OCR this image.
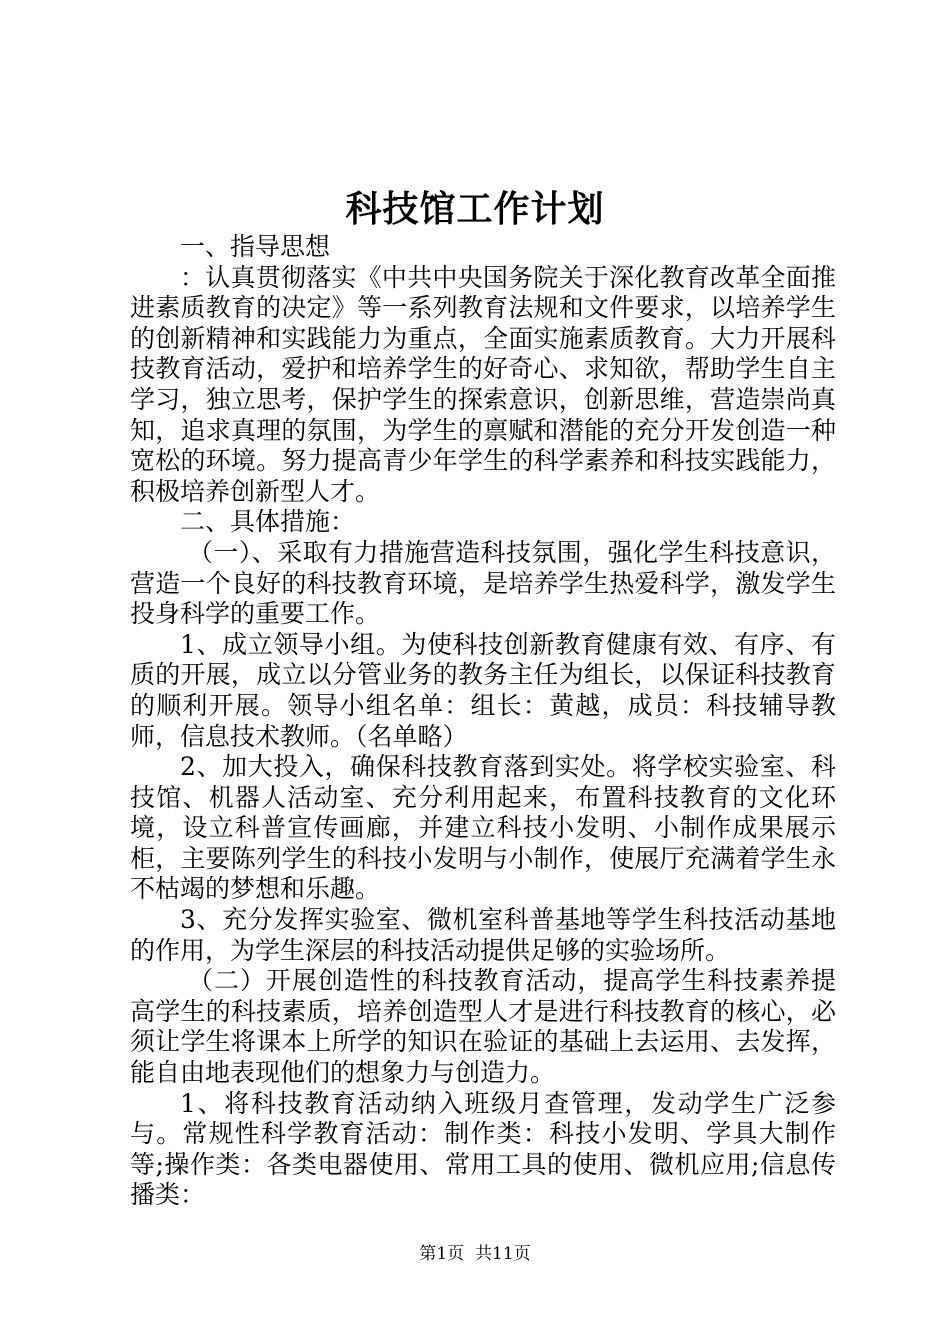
科技馆工作计划

一、指导思想

：认真贯彻落实《中共中央国务院关于深化教育改革全面推进素质教育的决定》等一系列教育法规和文件要求，以培养学生的创新精神和实践能力为重点，全面实施素质教育。大力开展科技教育活动，爱护和培养学生的好奇心、求知欲，帮助学生自主学习，独立思考，保护学生的探索意识，创新思维，营造崇尚真知，追求真理的氛围，为学生的禀赋和潜能的充分开发创造一种宽松的环境。努力提高青少年学生的科学素养和科技实践能力，积极培养创新型人才。

二、具体措施：

（一）、采取有力措施营造科技氛围，强化学生科技意识，营造一个良好的科技教育环境，是培养学生热爱科学，激发学生投身科学的重要工作。

1、成立领导小组。为使科技创新教育健康有效、有序、有质的开展，成立以分管业务的教务主任为组长，以保证科技教育的顺利开展。领导小组名单：组长：黄越，成员：科技辅导教师，信息技术教师。（名单略）

2、加大投入，确保科技教育落到实处。将学校实验室、科技馆、机器人活动室、充分利用起来，布置科技教育的文化环境，设立科普宣传画廊，并建立科技小发明、小制作成果展示柜，主要陈列学生的科技小发明与小制作，使展厅充满着学生永不枯竭的梦想和乐趣。

3、充分发挥实验室、微机室科普基地等学生科技活动基地的作用，为学生深层的科技活动提供足够的实验场所。

（二）开展创造性的科技教育活动，提高学生科技素养提高学生的科技素质，培养创造型人才是进行科技教育的核心，必须让学生将课本上所学的知识在验证的基础上去运用、去发挥，能自由地表现他们的想象力与创造力。

1、将科技教育活动纳入班级月查管理，发动学生广泛参与。常规性科学教育活动：制作类：科技小发明、学具大制作等;操作类：各类电器使用、常用工具的使用、微机应用;信息传播类：

第1页 共11页
